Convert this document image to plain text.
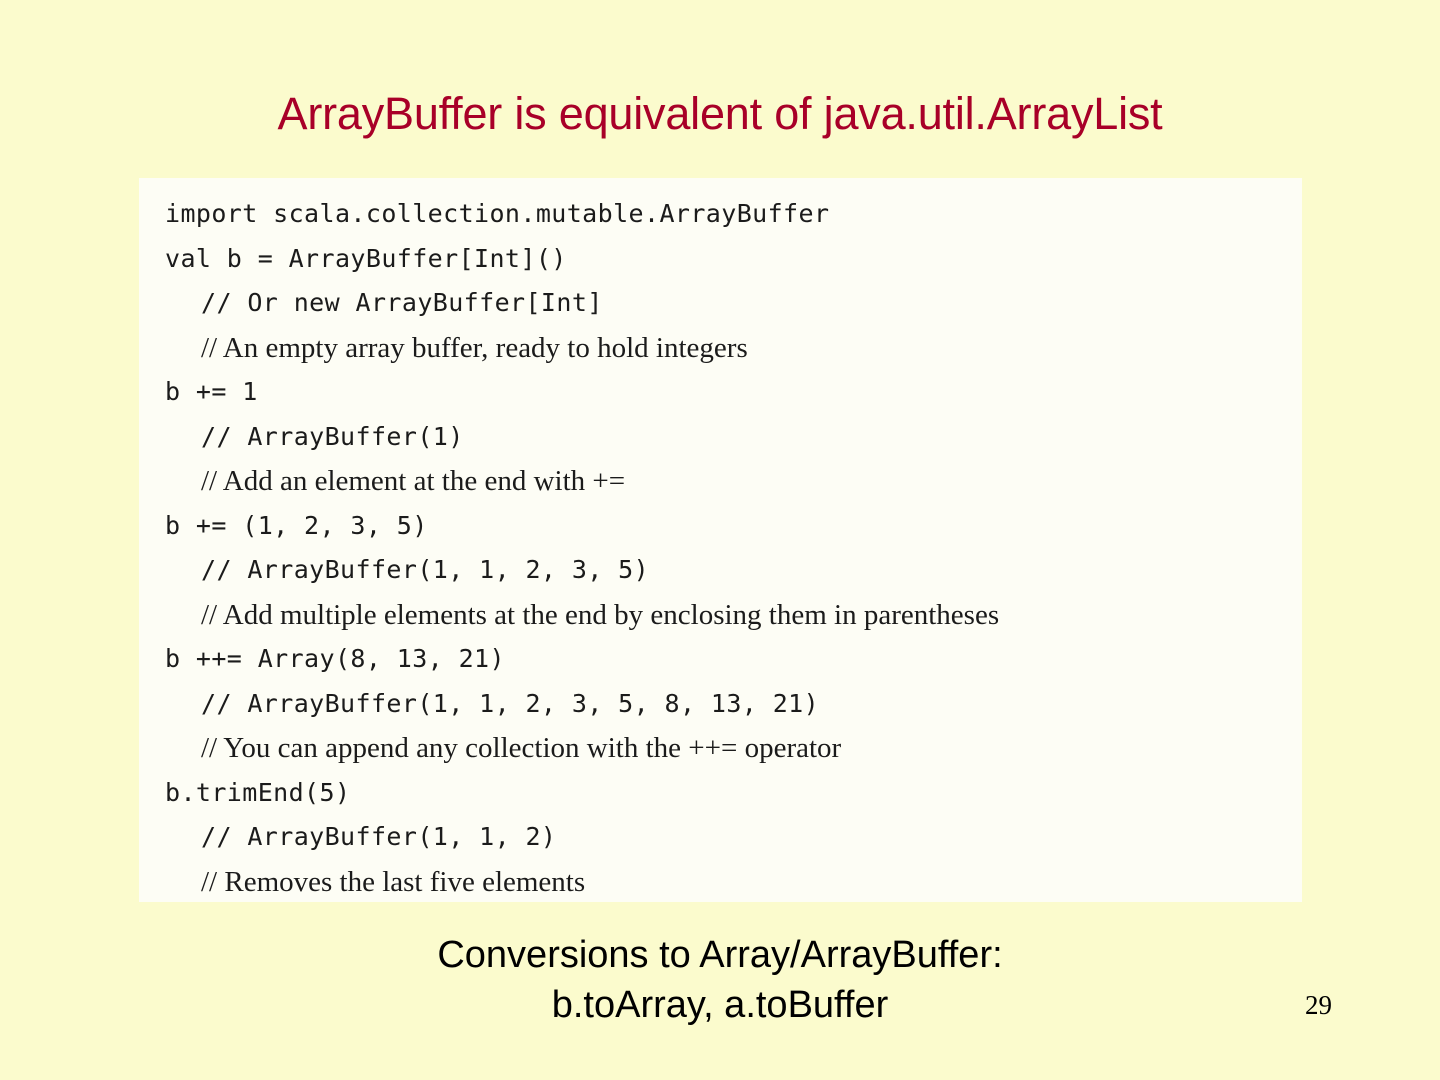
ArrayBuffer is equivalent of java.util.ArrayList
import scala.collection.mutable.ArrayBuffer
val b = ArrayBuffer[Int]()
// Or new ArrayBuffer[Int]
// An empty array buffer, ready to hold integers
b += 1
// ArrayBuffer(1)
// Add an element at the end with +=
b += (1, 2, 3, 5)
// ArrayBuffer(1, 1, 2, 3, 5)
// Add multiple elements at the end by enclosing them in parentheses
b ++= Array(8, 13, 21)
// ArrayBuffer(1, 1, 2, 3, 5, 8, 13, 21)
// You can append any collection with the ++= operator
b.trimEnd(5)
// ArrayBuffer(1, 1, 2)
// Removes the last five elements
Conversions to Array/ArrayBuffer:
b.toArray, a.toBuffer	29
